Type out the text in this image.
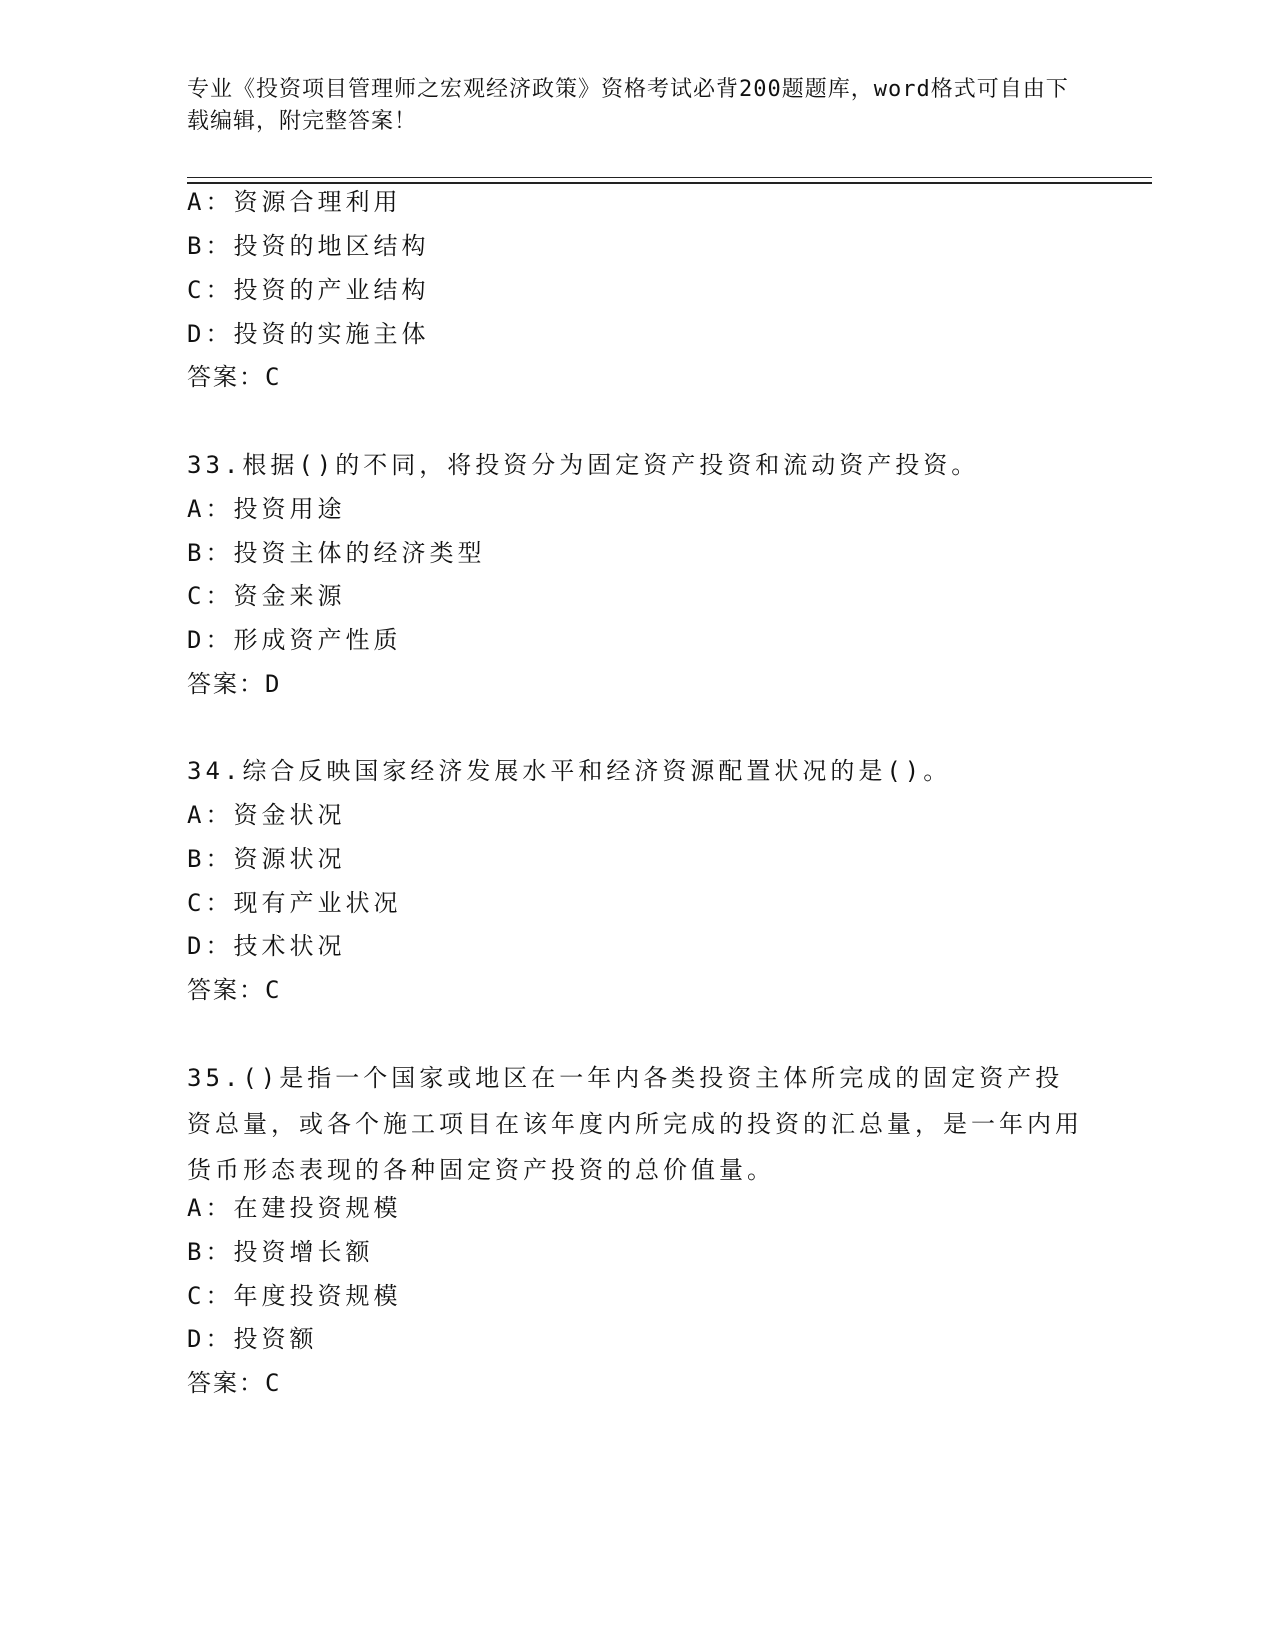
专业《投资项目管理师之宏观经济政策》资格考试必背200题题库，word格式可自由下载编辑，附完整答案！
A：资源合理利用
B：投资的地区结构
C：投资的产业结构
D：投资的实施主体
答案：C
33.根据()的不同，将投资分为固定资产投资和流动资产投资。
A：投资用途
B：投资主体的经济类型
C：资金来源
D：形成资产性质
答案：D
34.综合反映国家经济发展水平和经济资源配置状况的是()。
A：资金状况
B：资源状况
C：现有产业状况
D：技术状况
答案：C
35.()是指一个国家或地区在一年内各类投资主体所完成的固定资产投资总量，或各个施工项目在该年度内所完成的投资的汇总量，是一年内用货币形态表现的各种固定资产投资的总价值量。
A：在建投资规模
B：投资增长额
C：年度投资规模
D：投资额
答案：C
